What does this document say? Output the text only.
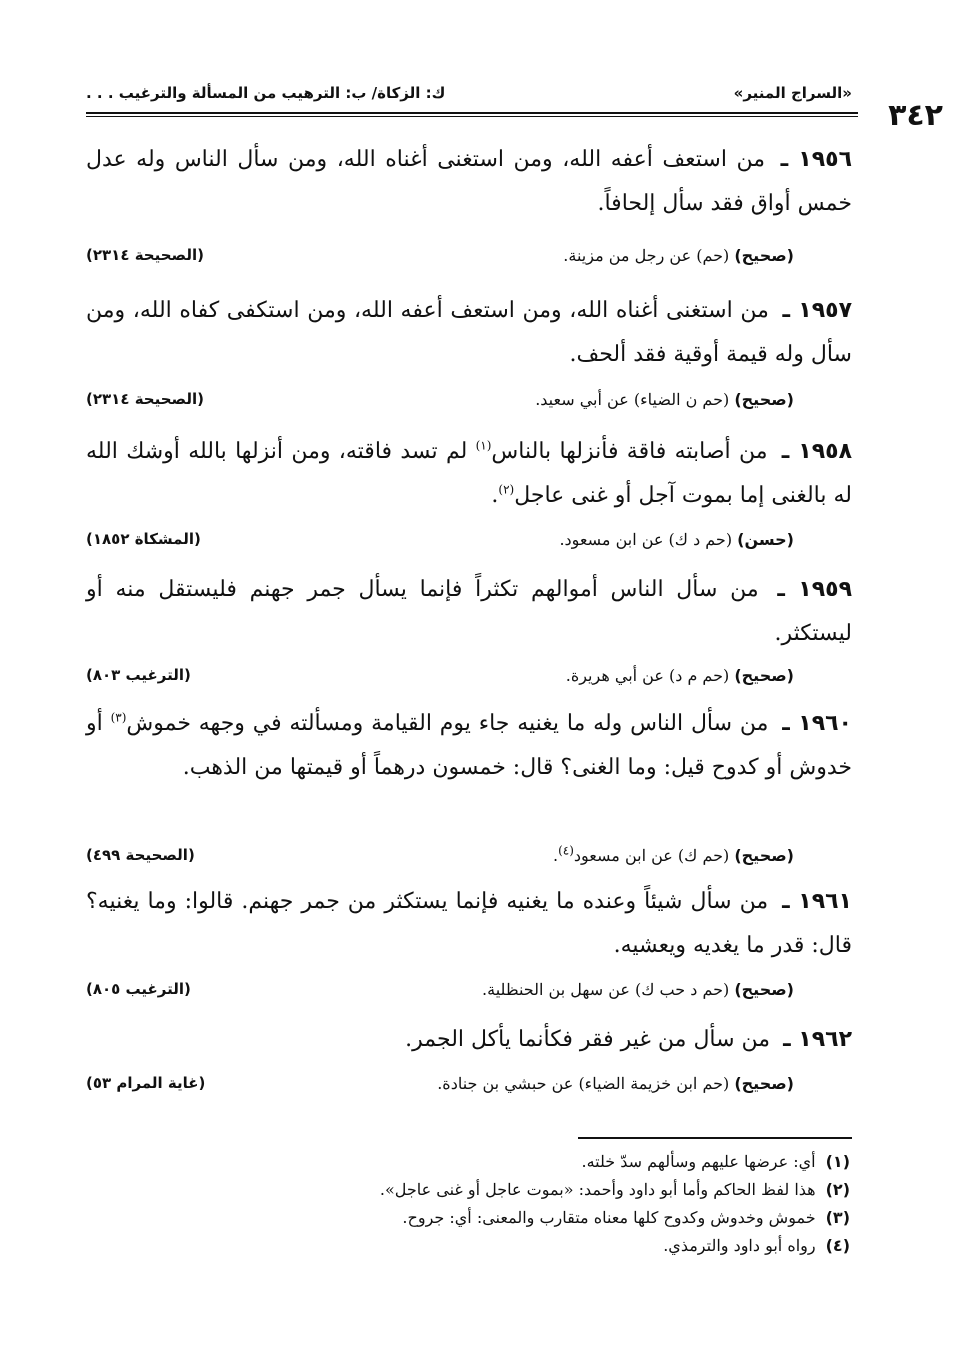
«السراج المنير»
ك: الزكاة/ ب: الترهيب من المسألة والترغيب . . .
٣٤٢
١٩٥٦ ـ من استعف أعفه الله، ومن استغنى أغناه الله، ومن سأل الناس وله عدل خمس أواق فقد سأل إلحافاً.
(صحيح) (حم) عن رجل من مزينة.
(الصحيحة ٢٣١٤)
١٩٥٧ ـ من استغنى أغناه الله، ومن استعف أعفه الله، ومن استكفى كفاه الله، ومن سأل وله قيمة أوقية فقد ألحف.
(صحيح) (حم ن الضياء) عن أبي سعيد.
(الصحيحة ٢٣١٤)
١٩٥٨ ـ من أصابته فاقة فأنزلها بالناس$^{(١)}$ لم تسد فاقته، ومن أنزلها بالله أوشك الله له بالغنى إما بموت آجل أو غنى عاجل$^{(٢)}$.
(حسن) (حم د ك) عن ابن مسعود.
(المشكاة ١٨٥٢)
١٩٥٩ ـ من سأل الناس أموالهم تكثراً فإنما يسأل جمر جهنم فليستقل منه أو ليستكثر.
(صحيح) (حم م د) عن أبي هريرة.
(الترغيب ٨٠٣)
١٩٦٠ ـ من سأل الناس وله ما يغنيه جاء يوم القيامة ومسألته في وجهه خموش$^{(٣)}$ أو خدوش أو كدوح قيل: وما الغنى؟ قال: خمسون درهماً أو قيمتها من الذهب.
(صحيح) (حم ك) عن ابن مسعود$^{(٤)}$.
(الصحيحة ٤٩٩)
١٩٦١ ـ من سأل شيئاً وعنده ما يغنيه فإنما يستكثر من جمر جهنم. قالوا: وما يغنيه؟ قال: قدر ما يغديه ويعشيه.
(صحيح) (حم د حب ك) عن سهل بن الحنظلية.
(الترغيب ٨٠٥)
١٩٦٢ ـ من سأل من غير فقر فكأنما يأكل الجمر.
(صحيح) (حم ابن خزيمة الضياء) عن حبشي بن جنادة.
(غاية المرام ٥٣)
(١)أي: عرضها عليهم وسألهم سدّ خلته.
(٢)هذا لفظ الحاكم وأما أبو داود وأحمد: «بموت عاجل أو غنى عاجل».
(٣)خموش وخدوش وكدوح كلها معناه متقارب والمعنى: أي: جروح.
(٤)رواه أبو داود والترمذي.
